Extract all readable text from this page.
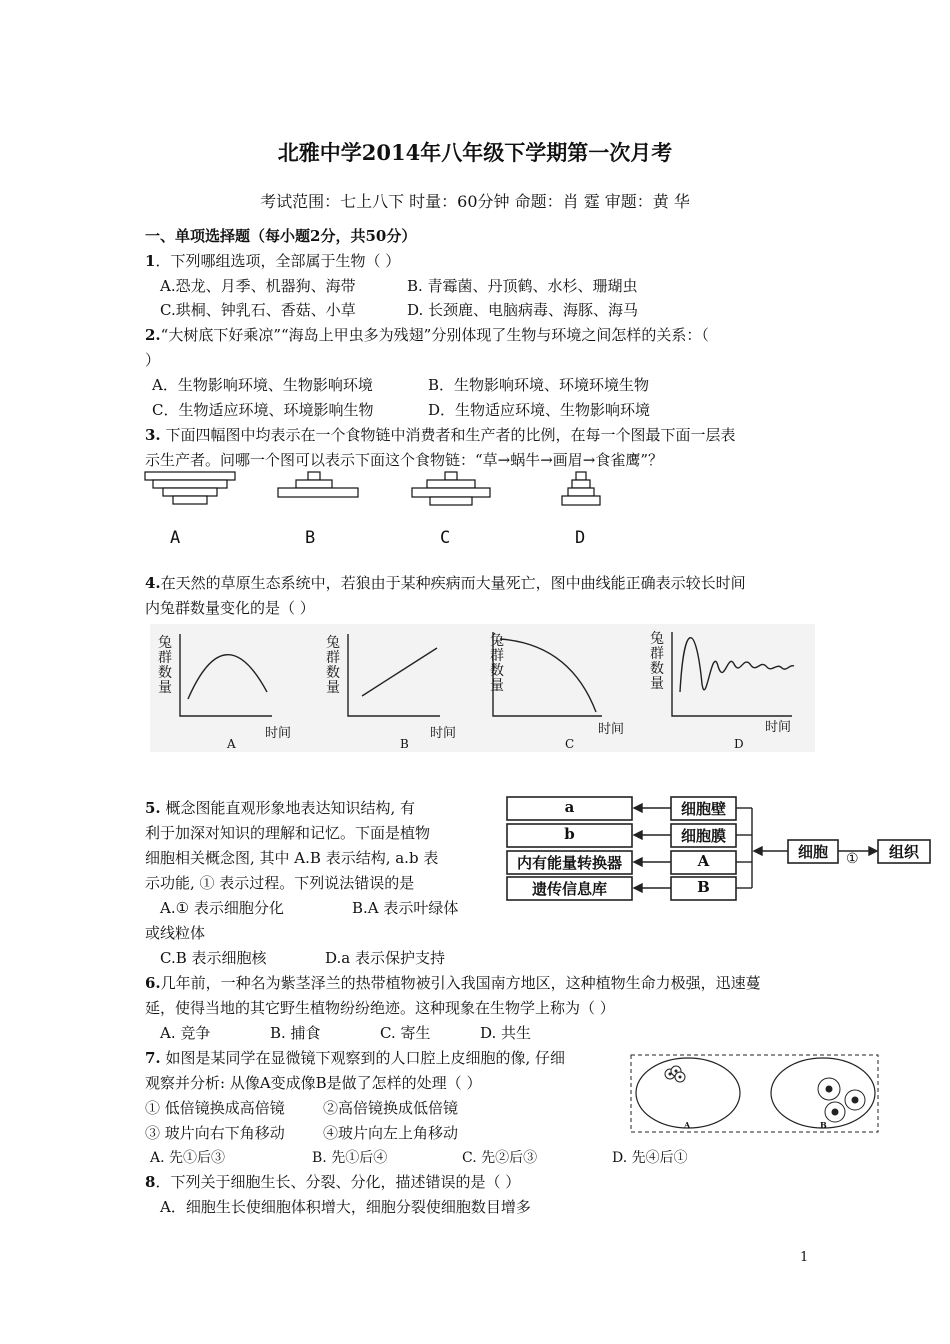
北雅中学2014年八年级下学期第一次月考
考试范围：七上八下 时量：60分钟 命题：肖 霆 审题：黄 华
一、单项选择题（每小题2分，共50分）
1．下列哪组选项，全部属于生物（ ）
A.恐龙、月季、机器狗、海带	B. 青霉菌、丹顶鹤、水杉、珊瑚虫
C.珙桐、钟乳石、香菇、小草	D. 长颈鹿、电脑病毒、海豚、海马
2.“大树底下好乘凉”“海岛上甲虫多为残翅”分别体现了生物与环境之间怎样的关系：（
）
A．生物影响环境、生物影响环境	B．生物影响环境、环境环境生物
C．生物适应环境、环境影响生物	D．生物适应环境、生物影响环境
3. 下面四幅图中均表示在一个食物链中消费者和生产者的比例，在每一个图最下面一层表
示生产者。问哪一个图可以表示下面这个食物链：“草→蜗牛→画眉→食雀鹰”？
A	B	C	D
4.在天然的草原生态系统中，若狼由于某种疾病而大量死亡，图中曲线能正确表示较长时间
内兔群数量变化的是（ ）
兔群数量
兔群数量
兔群数量
兔群数量
时间	时间	时间	时间
A	B	C	D
5. 概念图能直观形象地表达知识结构, 有
利于加深对知识的理解和记忆。下面是植物
细胞相关概念图, 其中 A.B 表示结构, a.b 表
示功能, ① 表示过程。下列说法错误的是
A.① 表示细胞分化	B.A 表示叶绿体
或线粒体
C.B 表示细胞核	D.a 表示保护支持
a
b
内有能量转换器
遗传信息库
细胞壁
细胞膜
A
B
细胞	①	组织
6.几年前，一种名为紫茎泽兰的热带植物被引入我国南方地区，这种植物生命力极强，迅速蔓
延，使得当地的其它野生植物纷纷绝迹。这种现象在生物学上称为（ ）
A. 竞争	B. 捕食	C. 寄生	D. 共生
7. 如图是某同学在显微镜下观察到的人口腔上皮细胞的像, 仔细
观察并分析: 从像A变成像B是做了怎样的处理（ ）
① 低倍镜换成高倍镜	②高倍镜换成低倍镜
③ 玻片向右下角移动	④玻片向左上角移动
A. 先①后③	B. 先①后④	C. 先②后③	D. 先④后①
A	B
8．下列关于细胞生长、分裂、分化，描述错误的是（ ）
A．细胞生长使细胞体积增大，细胞分裂使细胞数目增多
1
